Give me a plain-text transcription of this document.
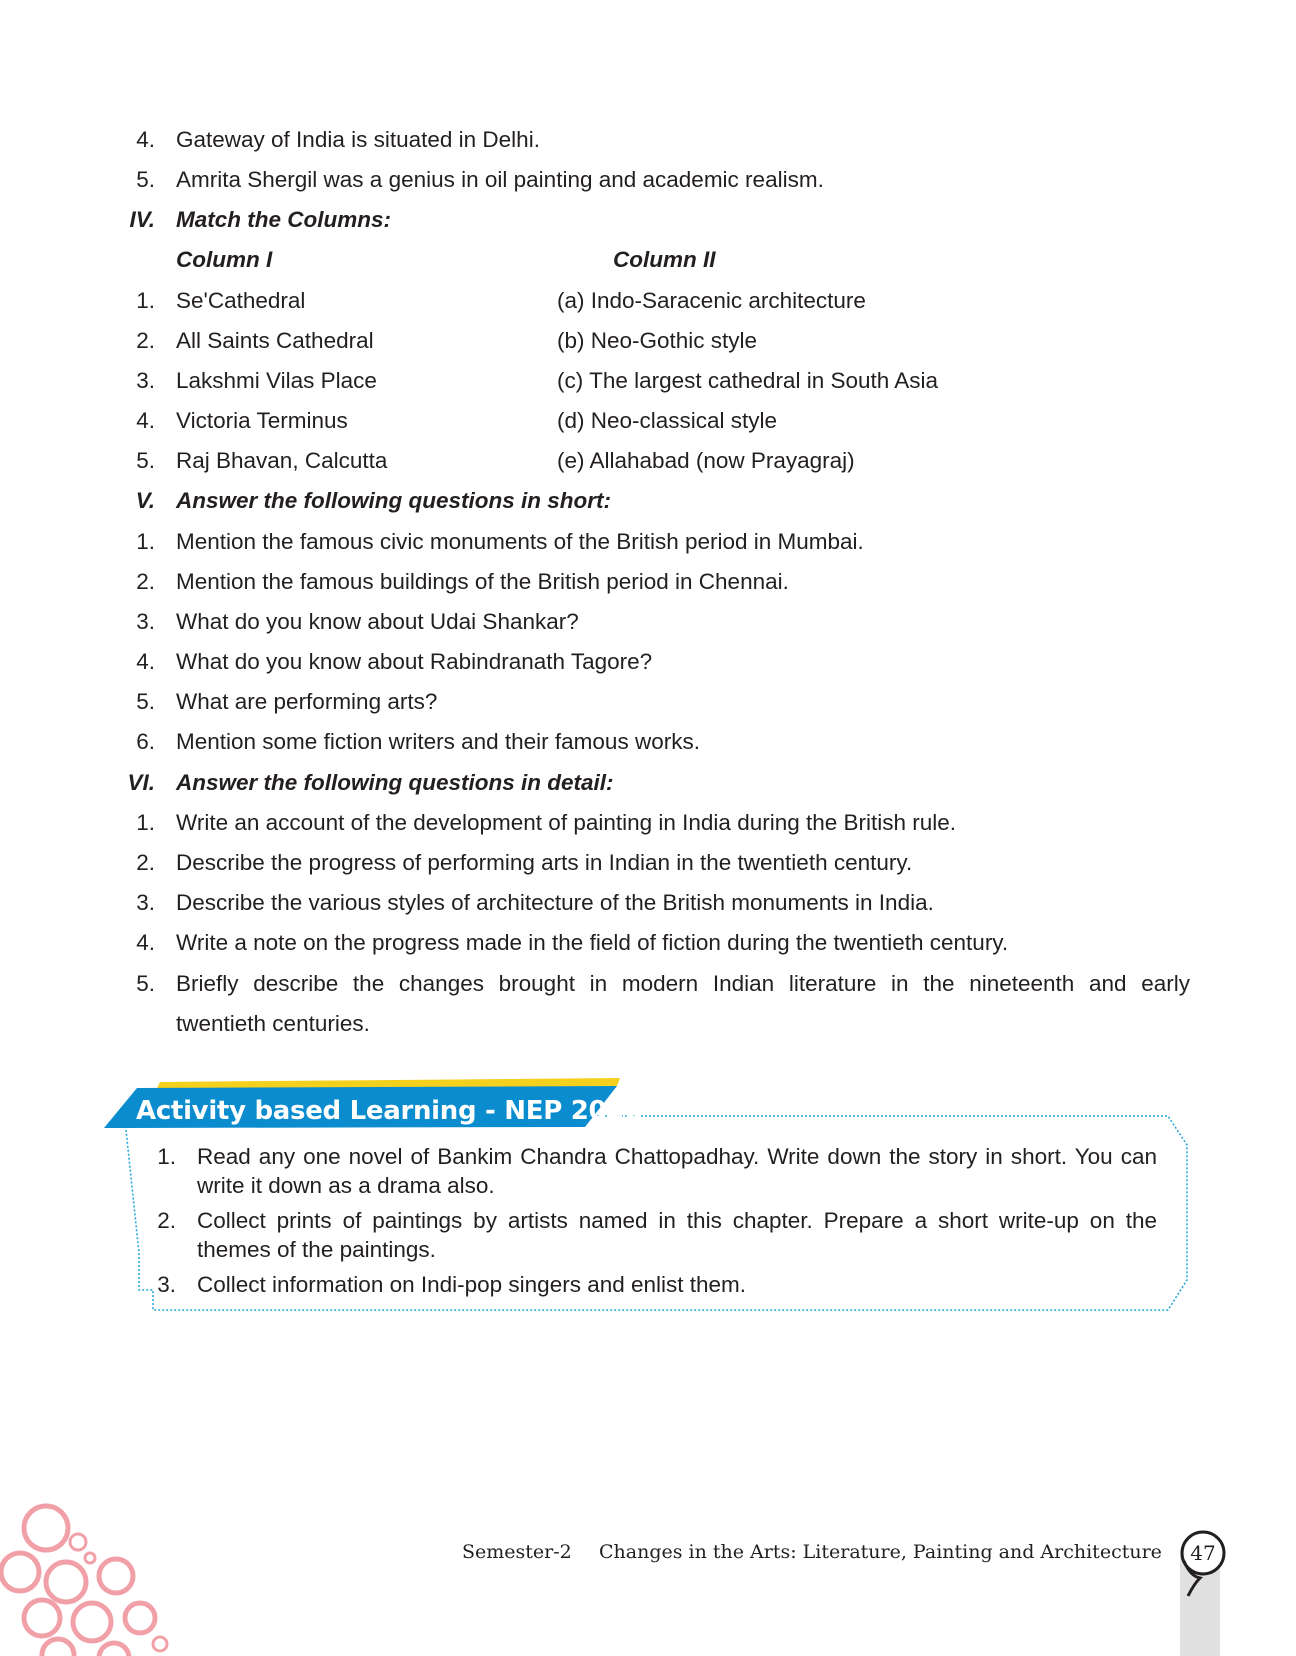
4. Gateway of India is situated in Delhi.
5. Amrita Shergil was a genius in oil painting and academic realism.
IV. Match the Columns:
Column I	Column II
1. Se'Cathedral	(a) Indo-Saracenic architecture
2. All Saints Cathedral	(b) Neo-Gothic style
3. Lakshmi Vilas Place	(c) The largest cathedral in South Asia
4. Victoria Terminus	(d) Neo-classical style
5. Raj Bhavan, Calcutta	(e) Allahabad (now Prayagraj)
V. Answer the following questions in short:
1. Mention the famous civic monuments of the British period in Mumbai.
2. Mention the famous buildings of the British period in Chennai.
3. What do you know about Udai Shankar?
4. What do you know about Rabindranath Tagore?
5. What are performing arts?
6. Mention some fiction writers and their famous works.
VI. Answer the following questions in detail:
1. Write an account of the development of painting in India during the British rule.
2. Describe the progress of performing arts in Indian in the twentieth century.
3. Describe the various styles of architecture of the British monuments in India.
4. Write a note on the progress made in the field of fiction during the twentieth century.
5. Briefly describe the changes brought in modern Indian literature in the nineteenth and early
twentieth centuries.
Activity based Learning - NEP 2020
1. Read any one novel of Bankim Chandra Chattopadhay. Write down the story in short. You can write it down as a drama also.
2. Collect prints of paintings by artists named in this chapter. Prepare a short write-up on the themes of the paintings.
3. Collect information on Indi-pop singers and enlist them.
Semester-2 Changes in the Arts: Literature, Painting and Architecture	47
